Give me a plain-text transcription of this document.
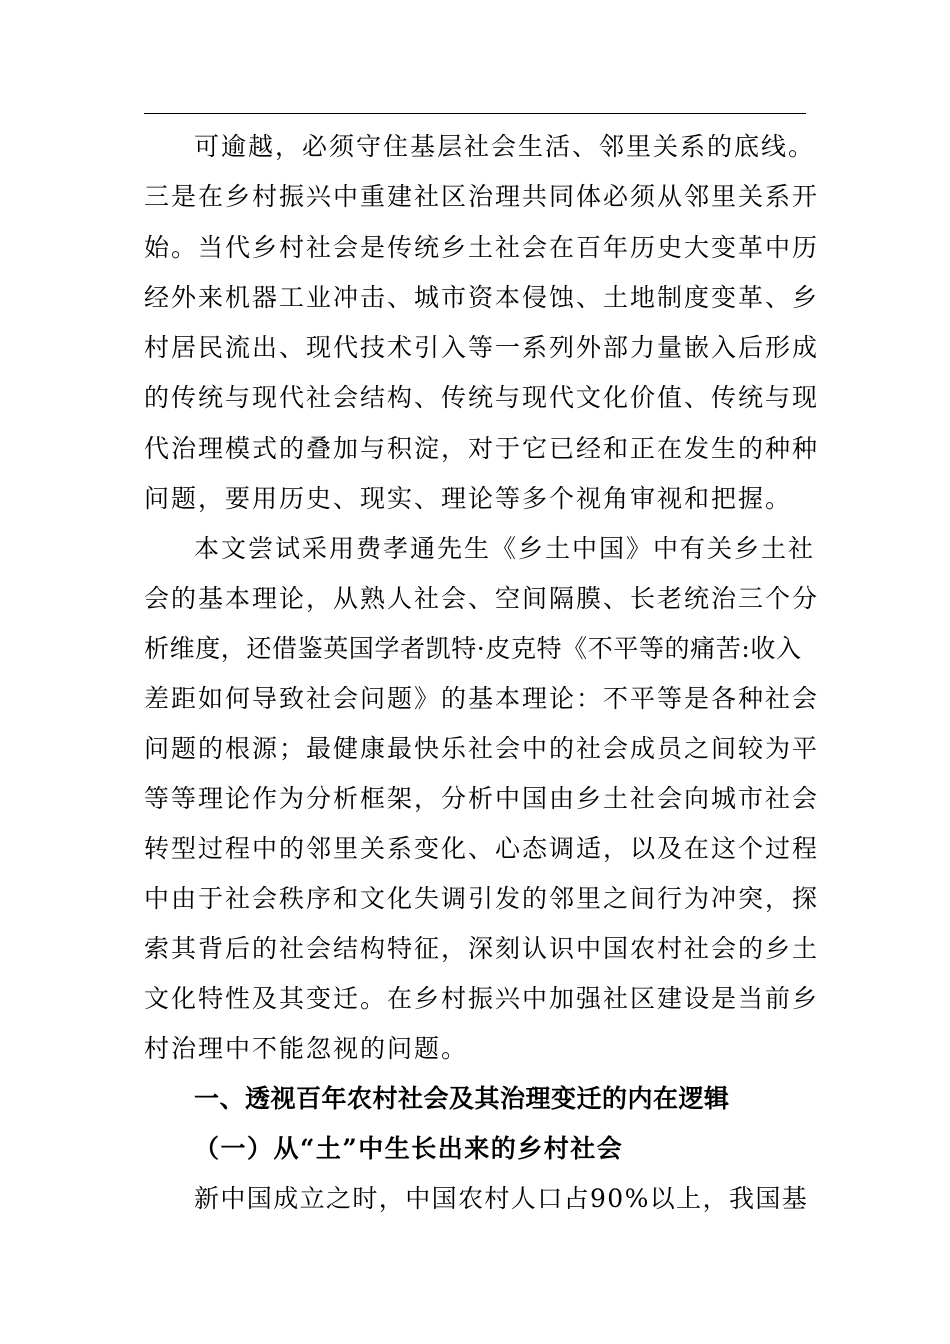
可逾越，必须守住基层社会生活、邻里关系的底线。
三是在乡村振兴中重建社区治理共同体必须从邻里关系开
始。当代乡村社会是传统乡土社会在百年历史大变革中历
经外来机器工业冲击、城市资本侵蚀、土地制度变革、乡
村居民流出、现代技术引入等一系列外部力量嵌入后形成
的传统与现代社会结构、传统与现代文化价值、传统与现
代治理模式的叠加与积淀，对于它已经和正在发生的种种
问题，要用历史、现实、理论等多个视角审视和把握。
本文尝试采用费孝通先生《乡土中国》中有关乡土社
会的基本理论，从熟人社会、空间隔膜、长老统治三个分
析维度，还借鉴英国学者凯特·皮克特《不平等的痛苦:收入
差距如何导致社会问题》的基本理论：不平等是各种社会
问题的根源；最健康最快乐社会中的社会成员之间较为平
等等理论作为分析框架，分析中国由乡土社会向城市社会
转型过程中的邻里关系变化、心态调适，以及在这个过程
中由于社会秩序和文化失调引发的邻里之间行为冲突，探
索其背后的社会结构特征，深刻认识中国农村社会的乡土
文化特性及其变迁。在乡村振兴中加强社区建设是当前乡
村治理中不能忽视的问题。
一、透视百年农村社会及其治理变迁的内在逻辑
（一）从“土”中生长出来的乡村社会
新中国成立之时，中国农村人口占90%以上，我国基
